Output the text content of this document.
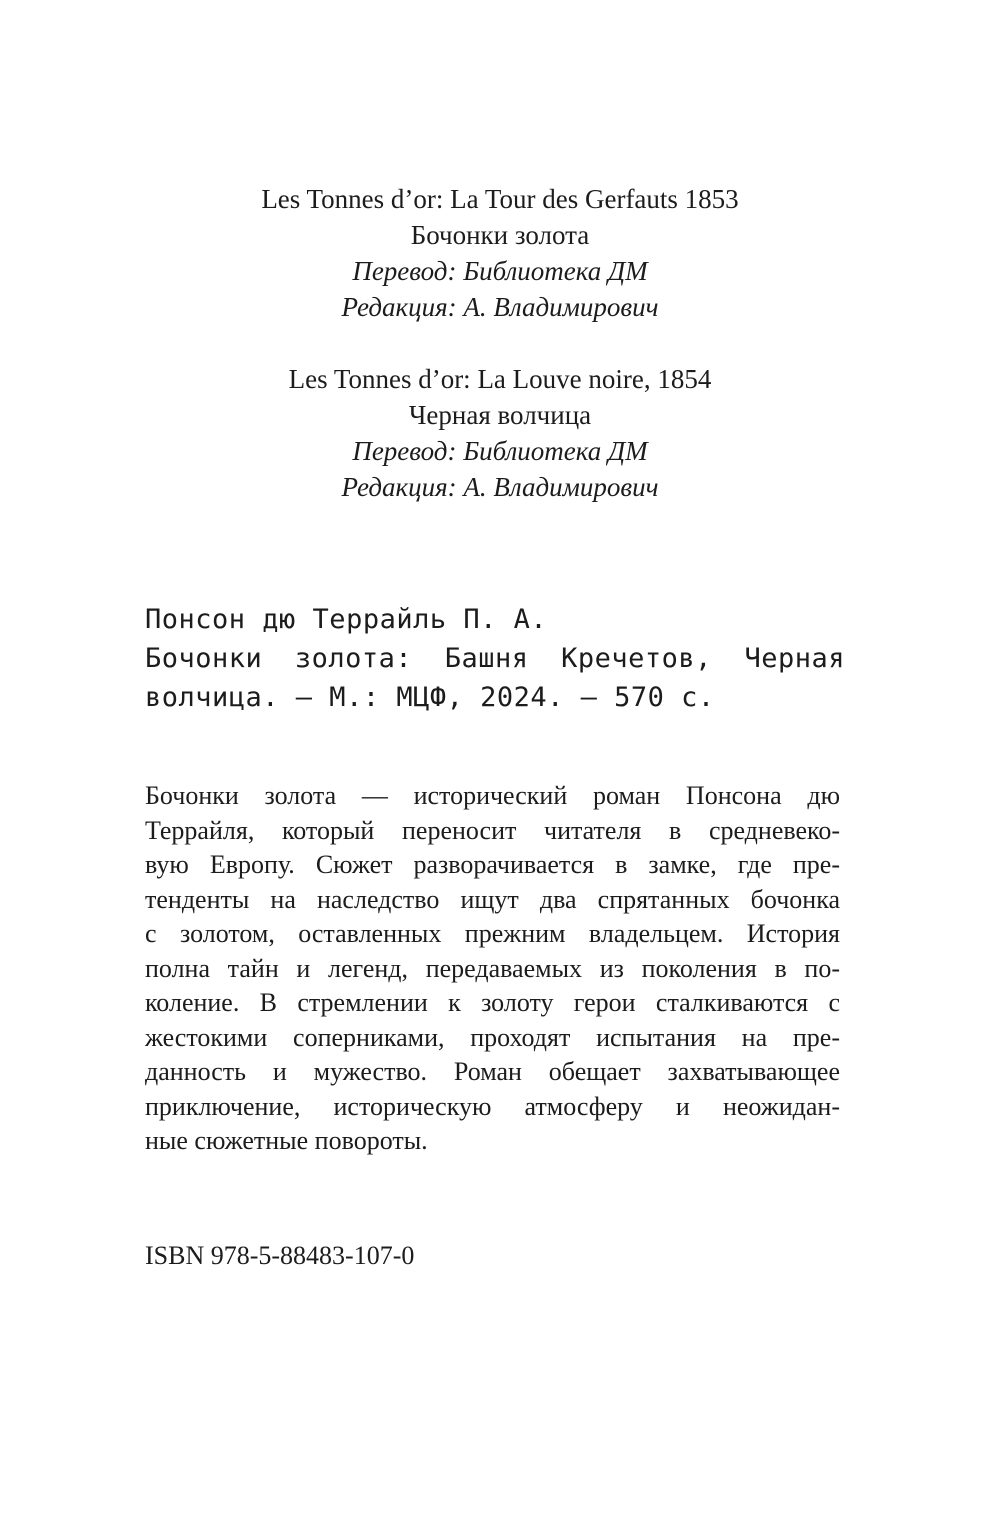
Les Tonnes d’or: La Tour des Gerfauts 1853
Бочонки золота
Перевод: Библиотека ДМ
Редакция: А. Владимирович
Les Tonnes d’or: La Louve noire, 1854
Черная волчица
Перевод: Библиотека ДМ
Редакция: А. Владимирович
Понсон дю Террайль П. А.
Бочонки золота: Башня Кречетов, Черная
волчица. — М.: МЦФ, 2024. — 570 с.
Бочонки золота — исторический роман Понсона дю
Террайля, который переносит читателя в средневеко-
вую Европу. Сюжет разворачивается в замке, где пре-
тенденты на наследство ищут два спрятанных бочонка
с золотом, оставленных прежним владельцем. История
полна тайн и легенд, передаваемых из поколения в по-
коление. В стремлении к золоту герои сталкиваются с
жестокими соперниками, проходят испытания на пре-
данность и мужество. Роман обещает захватывающее
приключение, историческую атмосферу и неожидан-
ные сюжетные повороты.
ISBN 978-5-88483-107-0
